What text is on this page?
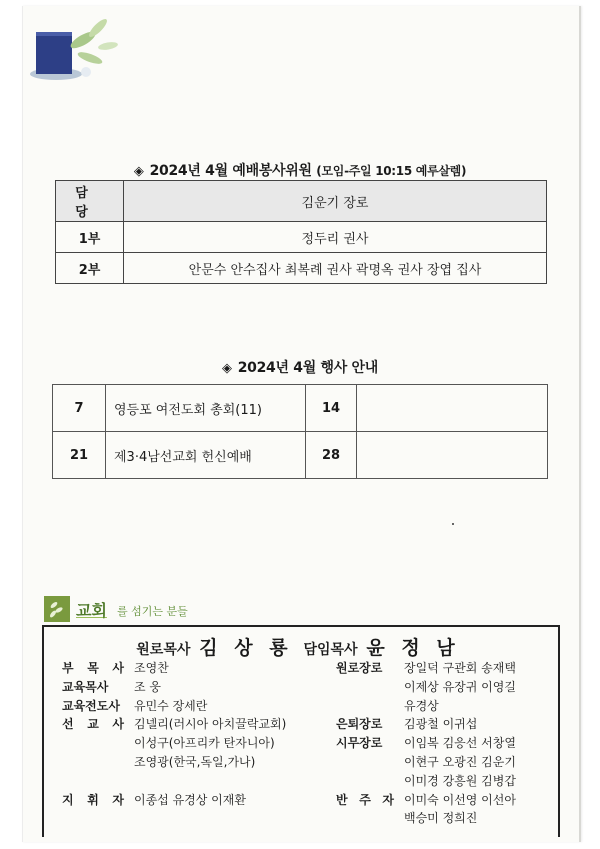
◈ 2024년 4월 예배봉사위원 (모임-주일 10:15 예루살렘)
담 당	김운기 장로
1부	정두리 권사
2부	안문수 안수집사 최복례 권사 곽명옥 권사 장엽 집사
◈ 2024년 4월 행사 안내
7	영등포 여전도회 총회(11)	14	
21	제3·4남선교회 헌신예배	28	
교회 를 섬기는 분들
원로목사 김 상 룡 담임목사 윤 정 남
부 목 사 조영찬
교육목사	조 웅
교육전도사	유민수 장세란
선 교 사 김넬리(러시아 아치끌락교회)
이성구(아프리카 탄자니아)
조영광(한국,독일,가나)
지 휘 자 이종섭 유경상 이재환
원로장로	장일덕 구관회 송재택
이제상 유장귀 이영길
유경상
은퇴장로	김광철 이귀섭
시무장로	이임복 김응선 서창열
이현구 오광진 김운기
이미경 강흥원 김병갑
반 주 자 이미숙 이선영 이선아
백승미 정희진
